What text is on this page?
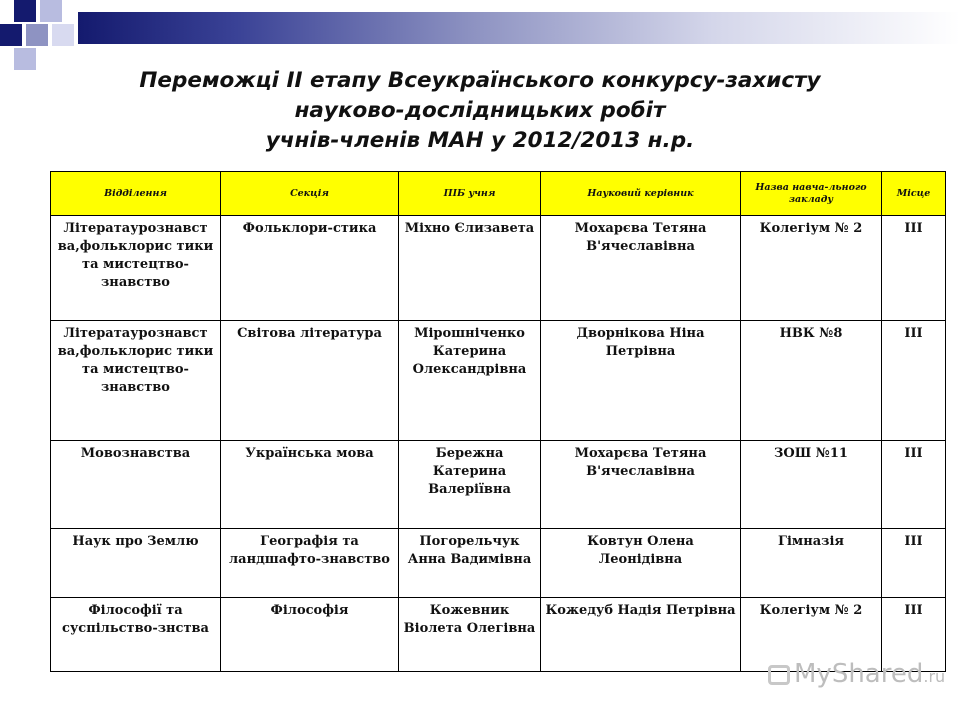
Переможці ІІ етапу Всеукраїнського конкурсу-захисту
науково-дослідницьких робіт
учнів-членів МАН у 2012/2013 н.р.
Відділення	Секція	ПІБ учня	Науковий керівник	Назва навча-льного закладу	Місце
Літератаурознавст ва,фольклорис тики та мистецтво-знавство	Фольклори-стика	Міхно Єлизавета	Мохарєва Тетяна В'ячеславівна	Колегіум № 2	ІІІ
Літератаурознавст ва,фольклорис тики та мистецтво-знавство	Світова література	Мірошніченко Катерина Олександрівна	Дворнікова Ніна Петрівна	НВК №8	ІІІ
Мовознавства	Українська мова	Бережна Катерина Валеріївна	Мохарєва Тетяна В'ячеславівна	ЗОШ №11	ІІІ
Наук про Землю	Географія та ландшафто-знавство	Погорельчук Анна Вадимівна	Ковтун Олена Леонідівна	Гімназія	ІІІ
Філософії та суспільство-знства	Філософія	Кожевник Віолета Олегівна	Кожедуб Надія Петрівна	Колегіум № 2	ІІІ
MyShared.ru
